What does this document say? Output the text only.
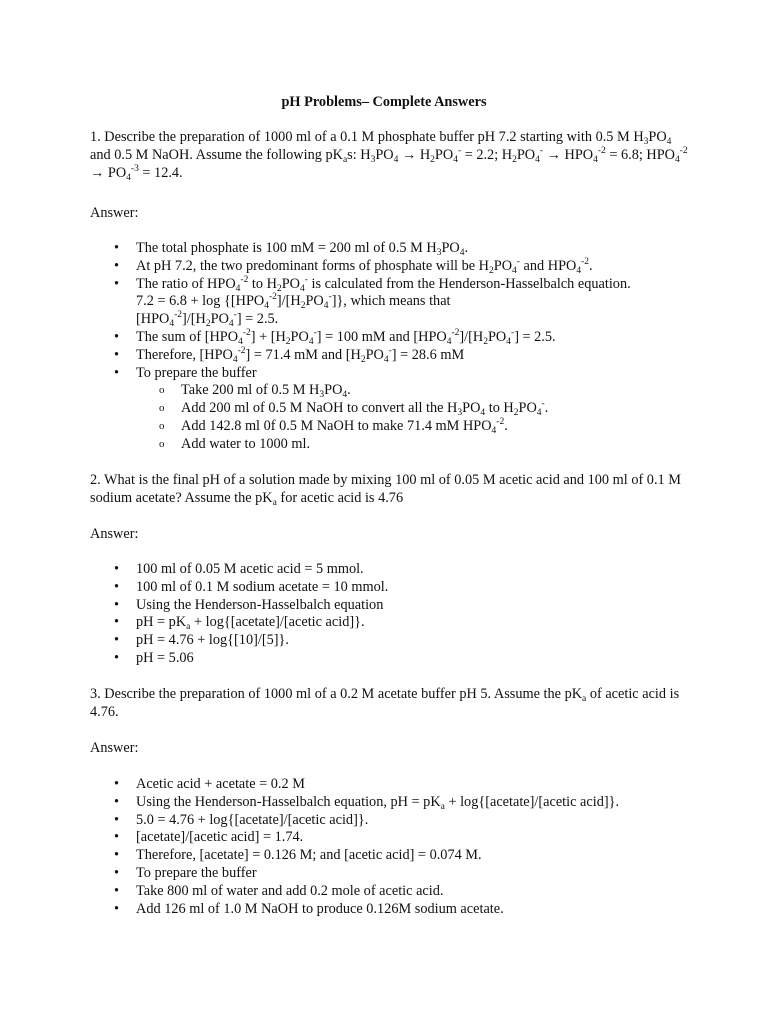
pH Problems– Complete Answers
1. Describe the preparation of 1000 ml of a 0.1 M phosphate buffer pH 7.2 starting with 0.5 M $H_3PO_4$ and 0.5 M NaOH. Assume the following $pK_as$: $H_3PO_4 \to H_2PO_4^- = 2.2$; $H_2PO_4^- \to HPO_4^{-2} = 6.8$; $HPO_4^{-2} \to PO_4^{-3} = 12.4$.
Answer:
• The total phosphate is 100 mM = 200 ml of 0.5 M $H_3PO_4$.
• At pH 7.2, the two predominant forms of phosphate will be $H_2PO_4^-$ and $HPO_4^{-2}$.
• The ratio of $HPO_4^{-2}$ to $H_2PO_4^-$ is calculated from the Henderson-Hasselbalch equation.
$7.2 = 6.8 + \log \{[HPO_4^{-2}]/[H_2PO_4^-]\}$, which means that
$[HPO_4^{-2}]/[H_2PO_4^-] = 2.5$.
• The sum of $[HPO_4^{-2}] + [H_2PO_4^-] = 100$ mM and $[HPO_4^{-2}]/[H_2PO_4^-] = 2.5$.
• Therefore, $[HPO_4^{-2}] = 71.4$ mM and $[H_2PO_4^-] = 28.6$ mM
• To prepare the buffer
o Take 200 ml of 0.5 M $H_3PO_4$.
o Add 200 ml of 0.5 M NaOH to convert all the $H_3PO_4$ to $H_2PO_4^-$.
o Add 142.8 ml 0f 0.5 M NaOH to make 71.4 mM $HPO_4^{-2}$.
o Add water to 1000 ml.
2. What is the final pH of a solution made by mixing 100 ml of 0.05 M acetic acid and 100 ml of 0.1 M sodium acetate? Assume the $pK_a$ for acetic acid is 4.76
Answer:
• 100 ml of 0.05 M acetic acid = 5 mmol.
• 100 ml of 0.1 M sodium acetate = 10 mmol.
• Using the Henderson-Hasselbalch equation
• pH = $pK_a$ + log{[acetate]/[acetic acid]}.
• pH = 4.76 + log{[10]/[5]}.
• pH = 5.06
3. Describe the preparation of 1000 ml of a 0.2 M acetate buffer pH 5. Assume the $pK_a$ of acetic acid is 4.76.
Answer:
• Acetic acid + acetate = 0.2 M
• Using the Henderson-Hasselbalch equation, pH = $pK_a$ + log{[acetate]/[acetic acid]}.
• 5.0 = 4.76 + log{[acetate]/[acetic acid]}.
• [acetate]/[acetic acid] = 1.74.
• Therefore, [acetate] = 0.126 M; and [acetic acid] = 0.074 M.
• To prepare the buffer
• Take 800 ml of water and add 0.2 mole of acetic acid.
• Add 126 ml of 1.0 M NaOH to produce 0.126M sodium acetate.
